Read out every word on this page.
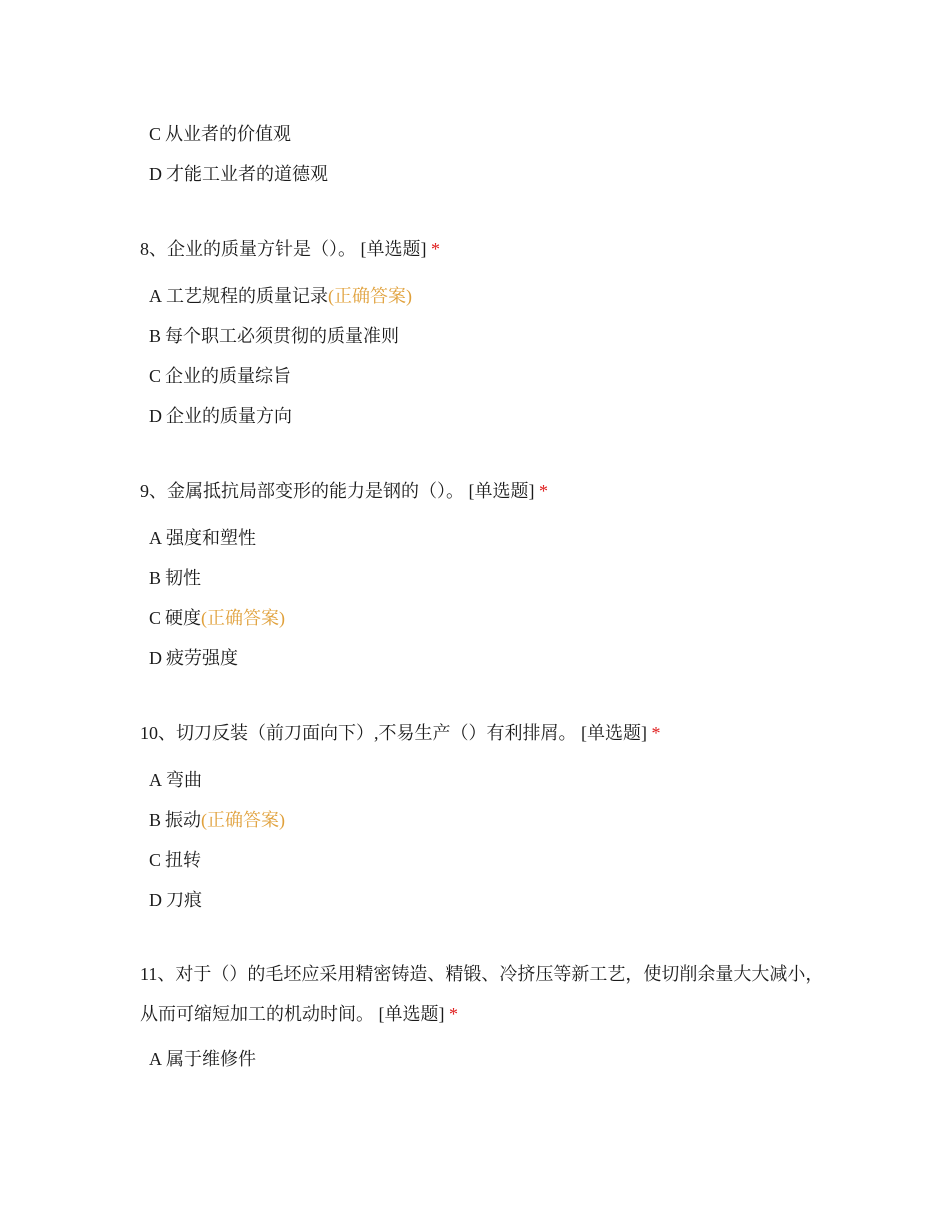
C 从业者的价值观
D 才能工业者的道德观
8、企业的质量方针是（）。 [单选题] *
A 工艺规程的质量记录(正确答案)
B 每个职工必须贯彻的质量准则
C 企业的质量综旨
D 企业的质量方向
9、金属抵抗局部变形的能力是钢的（）。 [单选题] *
A 强度和塑性
B 韧性
C 硬度(正确答案)
D 疲劳强度
10、切刀反装（前刀面向下）,不易生产（）有利排屑。 [单选题] *
A 弯曲
B 振动(正确答案)
C 扭转
D 刀痕
11、对于（）的毛坯应采用精密铸造、精锻、冷挤压等新工艺，使切削余量大大减小，从而可缩短加工的机动时间。 [单选题] *
A 属于维修件
